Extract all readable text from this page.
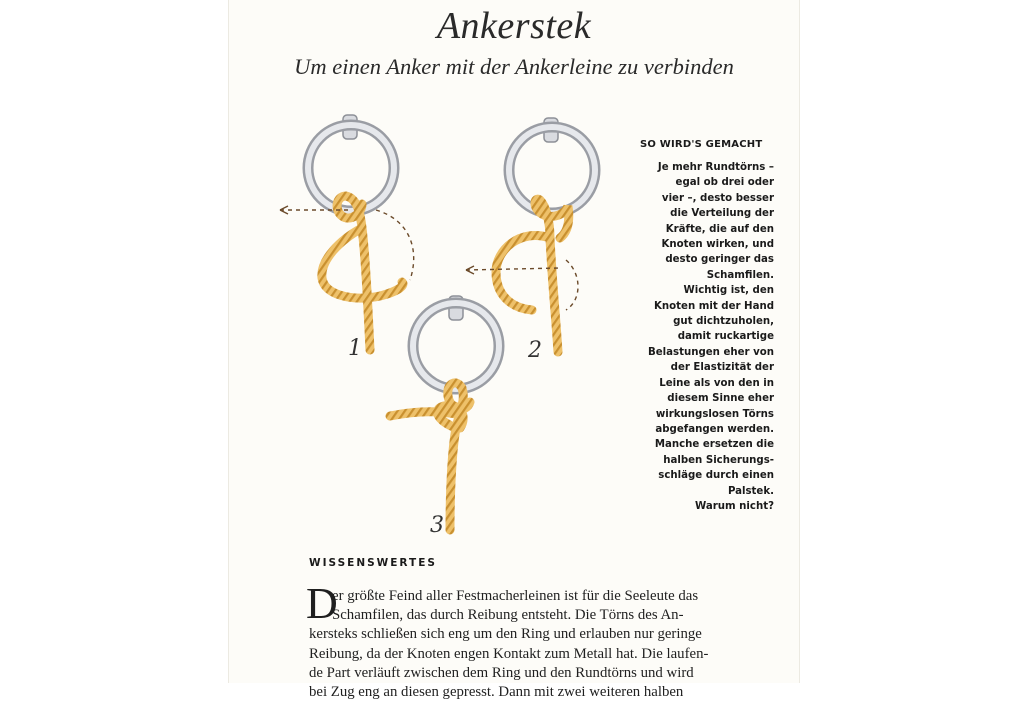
Ankerstek
Um einen Anker mit der Ankerleine zu verbinden
1	2
3
SO WIRD'S GEMACHT
Je mehr Rundtörns –
egal ob drei oder
vier –, desto besser
die Verteilung der
Kräfte, die auf den
Knoten wirken, und
desto geringer das
Schamfilen.
Wichtig ist, den
Knoten mit der Hand
gut dichtzuholen,
damit ruckartige
Belastungen eher von
der Elastizität der
Leine als von den in
diesem Sinne eher
wirkungslosen Törns
abgefangen werden.
Manche ersetzen die
halben Sicherungs-
schläge durch einen
Palstek.
Warum nicht?
WISSENSWERTES
D
er größte Feind aller Festmacherleinen ist für die Seeleute das
Schamfilen, das durch Reibung entsteht. Die Törns des An-
kersteks schließen sich eng um den Ring und erlauben nur geringe
Reibung, da der Knoten engen Kontakt zum Metall hat. Die laufen-
de Part verläuft zwischen dem Ring und den Rundtörns und wird
bei Zug eng an diesen gepresst. Dann mit zwei weiteren halben
